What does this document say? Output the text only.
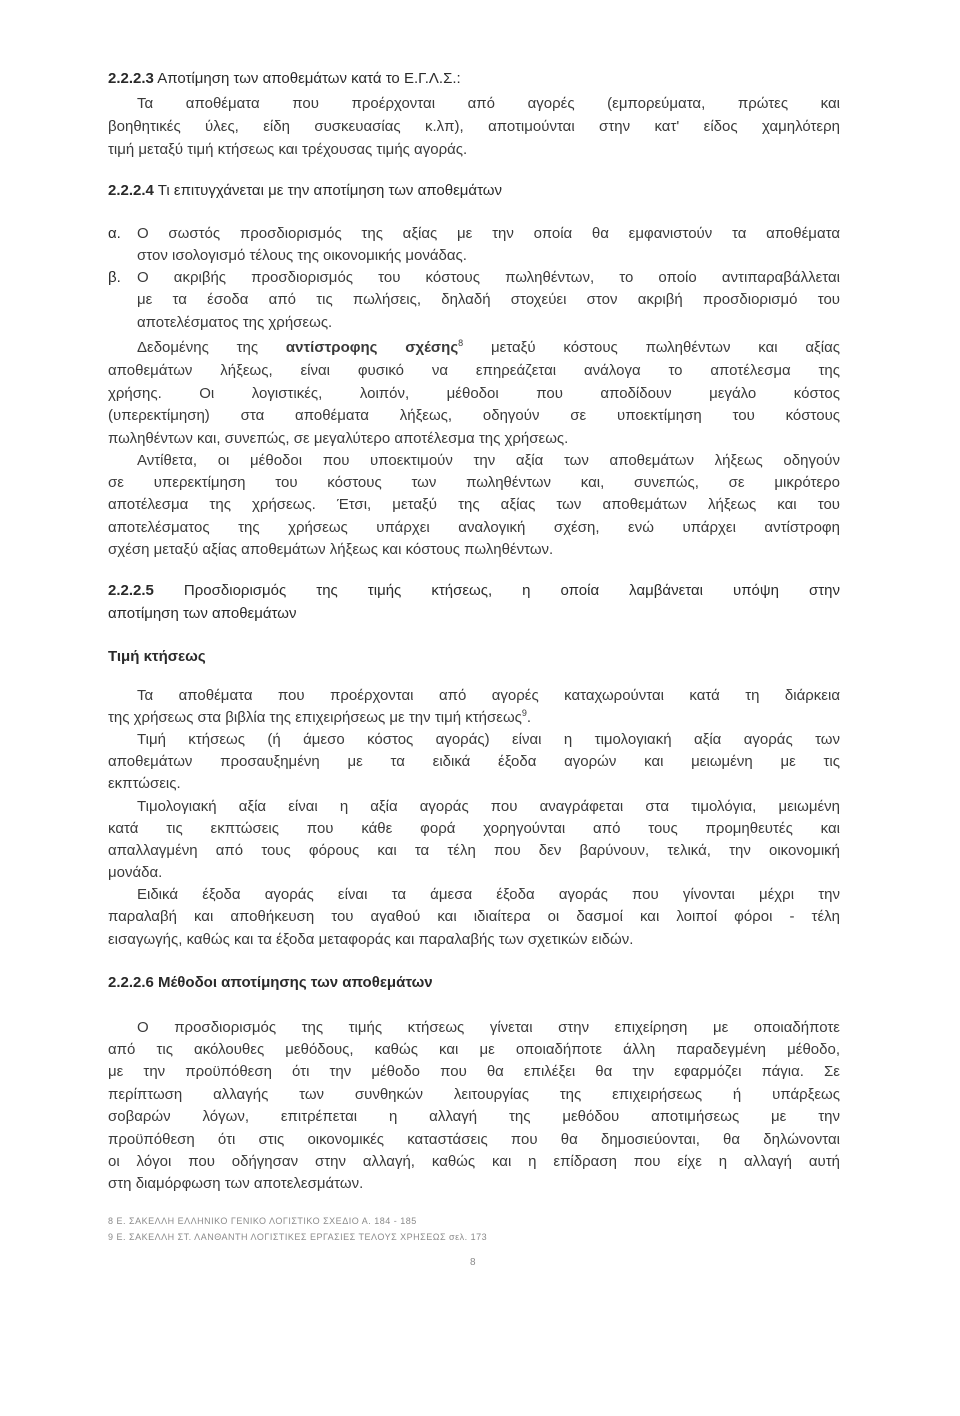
2.2.2.3 Αποτίμηση των αποθεμάτων κατά το Ε.Γ.Λ.Σ.:
Τα αποθέματα που προέρχονται από αγορές (εμπορεύματα, πρώτες και
βοηθητικές ύλες, είδη συσκευασίας κ.λπ), αποτιμούνται στην κατ' είδος χαμηλότερη
τιμή μεταξύ τιμή κτήσεως και τρέχουσας τιμής αγοράς.
2.2.2.4 Τι επιτυγχάνεται με την αποτίμηση των αποθεμάτων
α.	Ο σωστός προσδιορισμός της αξίας με την οποία θα εμφανιστούν τα αποθέματα
στον ισολογισμό τέλους της οικονομικής μονάδας.
β.	Ο ακριβής προσδιορισμός του κόστους πωληθέντων, το οποίο αντιπαραβάλλεται
με τα έσοδα από τις πωλήσεις, δηλαδή στοχεύει στον ακριβή προσδιορισμό του
αποτελέσματος της χρήσεως.
Δεδομένης της αντίστροφης σχέσης$^8$ μεταξύ κόστους πωληθέντων και αξίας
αποθεμάτων λήξεως, είναι φυσικό να επηρεάζεται ανάλογα το αποτέλεσμα της
χρήσης. Οι λογιστικές, λοιπόν, μέθοδοι που αποδίδουν μεγάλο κόστος
(υπερεκτίμηση) στα αποθέματα λήξεως, οδηγούν σε υποεκτίμηση του κόστους
πωληθέντων και, συνεπώς, σε μεγαλύτερο αποτέλεσμα της χρήσεως.
Αντίθετα, οι μέθοδοι που υποεκτιμούν την αξία των αποθεμάτων λήξεως οδηγούν
σε υπερεκτίμηση του κόστους των πωληθέντων και, συνεπώς, σε μικρότερο
αποτέλεσμα της χρήσεως. Έτσι, μεταξύ της αξίας των αποθεμάτων λήξεως και του
αποτελέσματος της χρήσεως υπάρχει αναλογική σχέση, ενώ υπάρχει αντίστροφη
σχέση μεταξύ αξίας αποθεμάτων λήξεως και κόστους πωληθέντων.
2.2.2.5 Προσδιορισμός της τιμής κτήσεως, η οποία λαμβάνεται υπόψη στην
αποτίμηση των αποθεμάτων
Τιμή κτήσεως
Τα αποθέματα που προέρχονται από αγορές καταχωρούνται κατά τη διάρκεια
της χρήσεως στα βιβλία της επιχειρήσεως με την τιμή κτήσεως$^9$.
Τιμή κτήσεως (ή άμεσο κόστος αγοράς) είναι η τιμολογιακή αξία αγοράς των
αποθεμάτων προσαυξημένη με τα ειδικά έξοδα αγορών και μειωμένη με τις
εκπτώσεις.
Τιμολογιακή αξία είναι η αξία αγοράς που αναγράφεται στα τιμολόγια, μειωμένη
κατά τις εκπτώσεις που κάθε φορά χορηγούνται από τους προμηθευτές και
απαλλαγμένη από τους φόρους και τα τέλη που δεν βαρύνουν, τελικά, την οικονομική
μονάδα.
Ειδικά έξοδα αγοράς είναι τα άμεσα έξοδα αγοράς που γίνονται μέχρι την
παραλαβή και αποθήκευση του αγαθού και ιδιαίτερα οι δασμοί και λοιποί φόροι - τέλη
εισαγωγής, καθώς και τα έξοδα μεταφοράς και παραλαβής των σχετικών ειδών.
2.2.2.6 Μέθοδοι αποτίμησης των αποθεμάτων
Ο προσδιορισμός της τιμής κτήσεως γίνεται στην επιχείρηση με οποιαδήποτε
από τις ακόλουθες μεθόδους, καθώς και με οποιαδήποτε άλλη παραδεγμένη μέθοδο,
με την προϋπόθεση ότι την μέθοδο που θα επιλέξει θα την εφαρμόζει πάγια. Σε
περίπτωση αλλαγής των συνθηκών λειτουργίας της επιχειρήσεως ή υπάρξεως
σοβαρών λόγων, επιτρέπεται η αλλαγή της μεθόδου αποτιμήσεως με την
προϋπόθεση ότι στις οικονομικές καταστάσεις που θα δημοσιεύονται, θα δηλώνονται
οι λόγοι που οδήγησαν στην αλλαγή, καθώς και η επίδραση που είχε η αλλαγή αυτή
στη διαμόρφωση των αποτελεσμάτων.
8 Ε. ΣΑΚΕΛΛΗ ΕΛΛΗΝΙΚΟ ΓΕΝΙΚΟ ΛΟΓΙΣΤΙΚΟ ΣΧΕΔΙΟ Α. 184 - 185
9 Ε. ΣΑΚΕΛΛΗ ΣΤ. ΛΑΝΘΑΝΤΗ ΛΟΓΙΣΤΙΚΕΣ ΕΡΓΑΣΙΕΣ ΤΕΛΟΥΣ ΧΡΗΣΕΩΣ σελ. 173
8
